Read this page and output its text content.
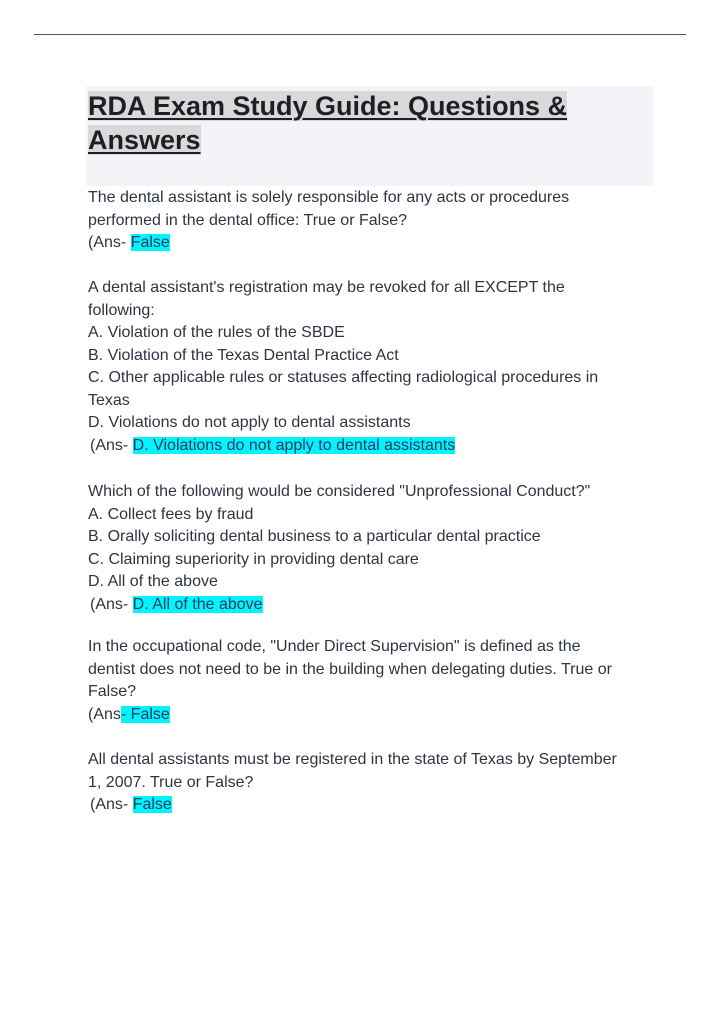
RDA Exam Study Guide: Questions & Answers
The dental assistant is solely responsible for any acts or procedures
performed in the dental office: True or False?
(Ans- False
A dental assistant's registration may be revoked for all EXCEPT the
following:
A. Violation of the rules of the SBDE
B. Violation of the Texas Dental Practice Act
C. Other applicable rules or statuses affecting radiological procedures in
Texas
D. Violations do not apply to dental assistants
(Ans- D. Violations do not apply to dental assistants
Which of the following would be considered "Unprofessional Conduct?"
A. Collect fees by fraud
B. Orally soliciting dental business to a particular dental practice
C. Claiming superiority in providing dental care
D. All of the above
(Ans- D. All of the above
In the occupational code, "Under Direct Supervision" is defined as the
dentist does not need to be in the building when delegating duties. True or
False?
(Ans- False
All dental assistants must be registered in the state of Texas by September
1, 2007. True or False?
(Ans- False
